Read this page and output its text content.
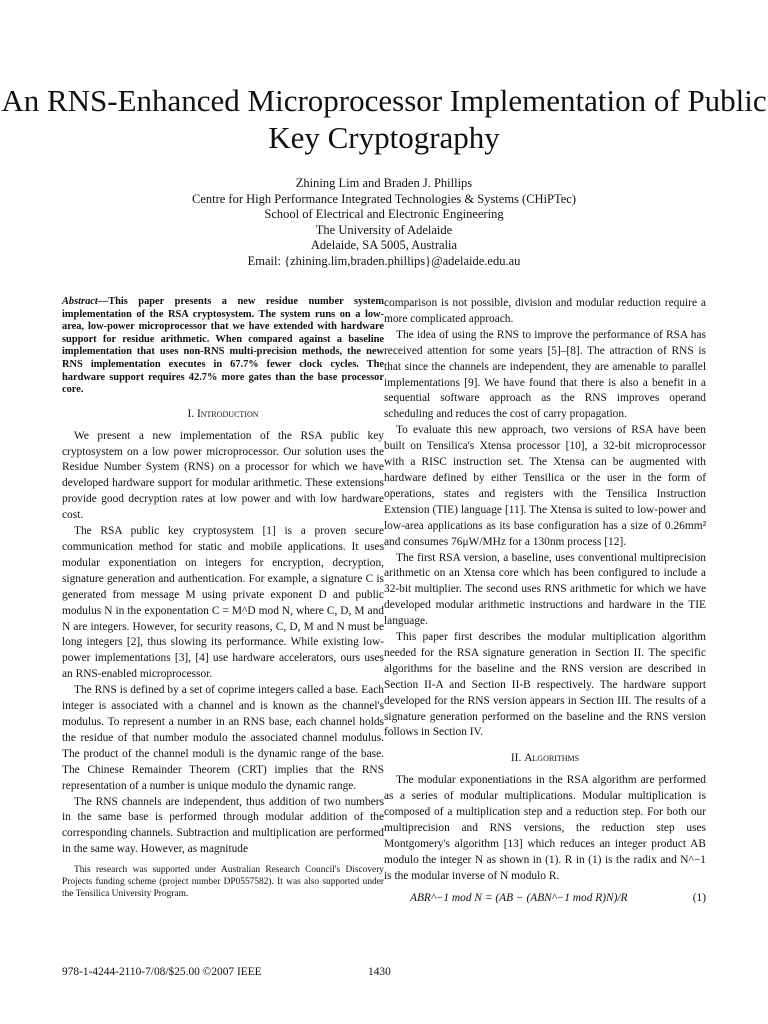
An RNS-Enhanced Microprocessor Implementation of Public Key Cryptography
Zhining Lim and Braden J. Phillips
Centre for High Performance Integrated Technologies & Systems (CHiPTec)
School of Electrical and Electronic Engineering
The University of Adelaide
Adelaide, SA 5005, Australia
Email: {zhining.lim,braden.phillips}@adelaide.edu.au

Abstract—This paper presents a new residue number system implementation of the RSA cryptosystem. The system runs on a low-area, low-power microprocessor that we have extended with hardware support for residue arithmetic. When compared against a baseline implementation that uses non-RNS multi-precision methods, the new RNS implementation executes in 67.7% fewer clock cycles. The hardware support requires 42.7% more gates than the base processor core.

I. Introduction

We present a new implementation of the RSA public key cryptosystem on a low power microprocessor. Our solution uses the Residue Number System (RNS) on a processor for which we have developed hardware support for modular arithmetic. These extensions provide good decryption rates at low power and with low hardware cost.

The RSA public key cryptosystem [1] is a proven secure communication method for static and mobile applications. It uses modular exponentiation on integers for encryption, decryption, signature generation and authentication. For example, a signature C is generated from message M using private exponent D and public modulus N in the exponentation C = M^D mod N, where C, D, M and N are integers. However, for security reasons, C, D, M and N must be long integers [2], thus slowing its performance. While existing low-power implementations [3], [4] use hardware accelerators, ours uses an RNS-enabled microprocessor.

The RNS is defined by a set of coprime integers called a base. Each integer is associated with a channel and is known as the channel's modulus. To represent a number in an RNS base, each channel holds the residue of that number modulo the associated channel modulus. The product of the channel moduli is the dynamic range of the base. The Chinese Remainder Theorem (CRT) implies that the RNS representation of a number is unique modulo the dynamic range.

The RNS channels are independent, thus addition of two numbers in the same base is performed through modular addition of the corresponding channels. Subtraction and multiplication are performed in the same way. However, as magnitude

This research was supported under Australian Research Council's Discovery Projects funding scheme (project number DP0557582). It was also supported under the Tensilica University Program.

comparison is not possible, division and modular reduction require a more complicated approach.

The idea of using the RNS to improve the performance of RSA has received attention for some years [5]–[8]. The attraction of RNS is that since the channels are independent, they are amenable to parallel implementations [9]. We have found that there is also a benefit in a sequential software approach as the RNS improves operand scheduling and reduces the cost of carry propagation.

To evaluate this new approach, two versions of RSA have been built on Tensilica's Xtensa processor [10], a 32-bit microprocessor with a RISC instruction set. The Xtensa can be augmented with hardware defined by either Tensilica or the user in the form of operations, states and registers with the Tensilica Instruction Extension (TIE) language [11]. The Xtensa is suited to low-power and low-area applications as its base configuration has a size of 0.26mm² and consumes 76μW/MHz for a 130nm process [12].

The first RSA version, a baseline, uses conventional multiprecision arithmetic on an Xtensa core which has been configured to include a 32-bit multiplier. The second uses RNS arithmetic for which we have developed modular arithmetic instructions and hardware in the TIE language.

This paper first describes the modular multiplication algorithm needed for the RSA signature generation in Section II. The specific algorithms for the baseline and the RNS version are described in Section II-A and Section II-B respectively. The hardware support developed for the RNS version appears in Section III. The results of a signature generation performed on the baseline and the RNS version follows in Section IV.

II. Algorithms

The modular exponentiations in the RSA algorithm are performed as a series of modular multiplications. Modular multiplication is composed of a multiplication step and a reduction step. For both our multiprecision and RNS versions, the reduction step uses Montgomery's algorithm [13] which reduces an integer product AB modulo the integer N as shown in (1). R in (1) is the radix and N^−1 is the modular inverse of N modulo R.

ABR^−1 mod N = (AB − (ABN^−1 mod R)N)/R	(1)
978-1-4244-2110-7/08/$25.00 ©2007 IEEE	1430
